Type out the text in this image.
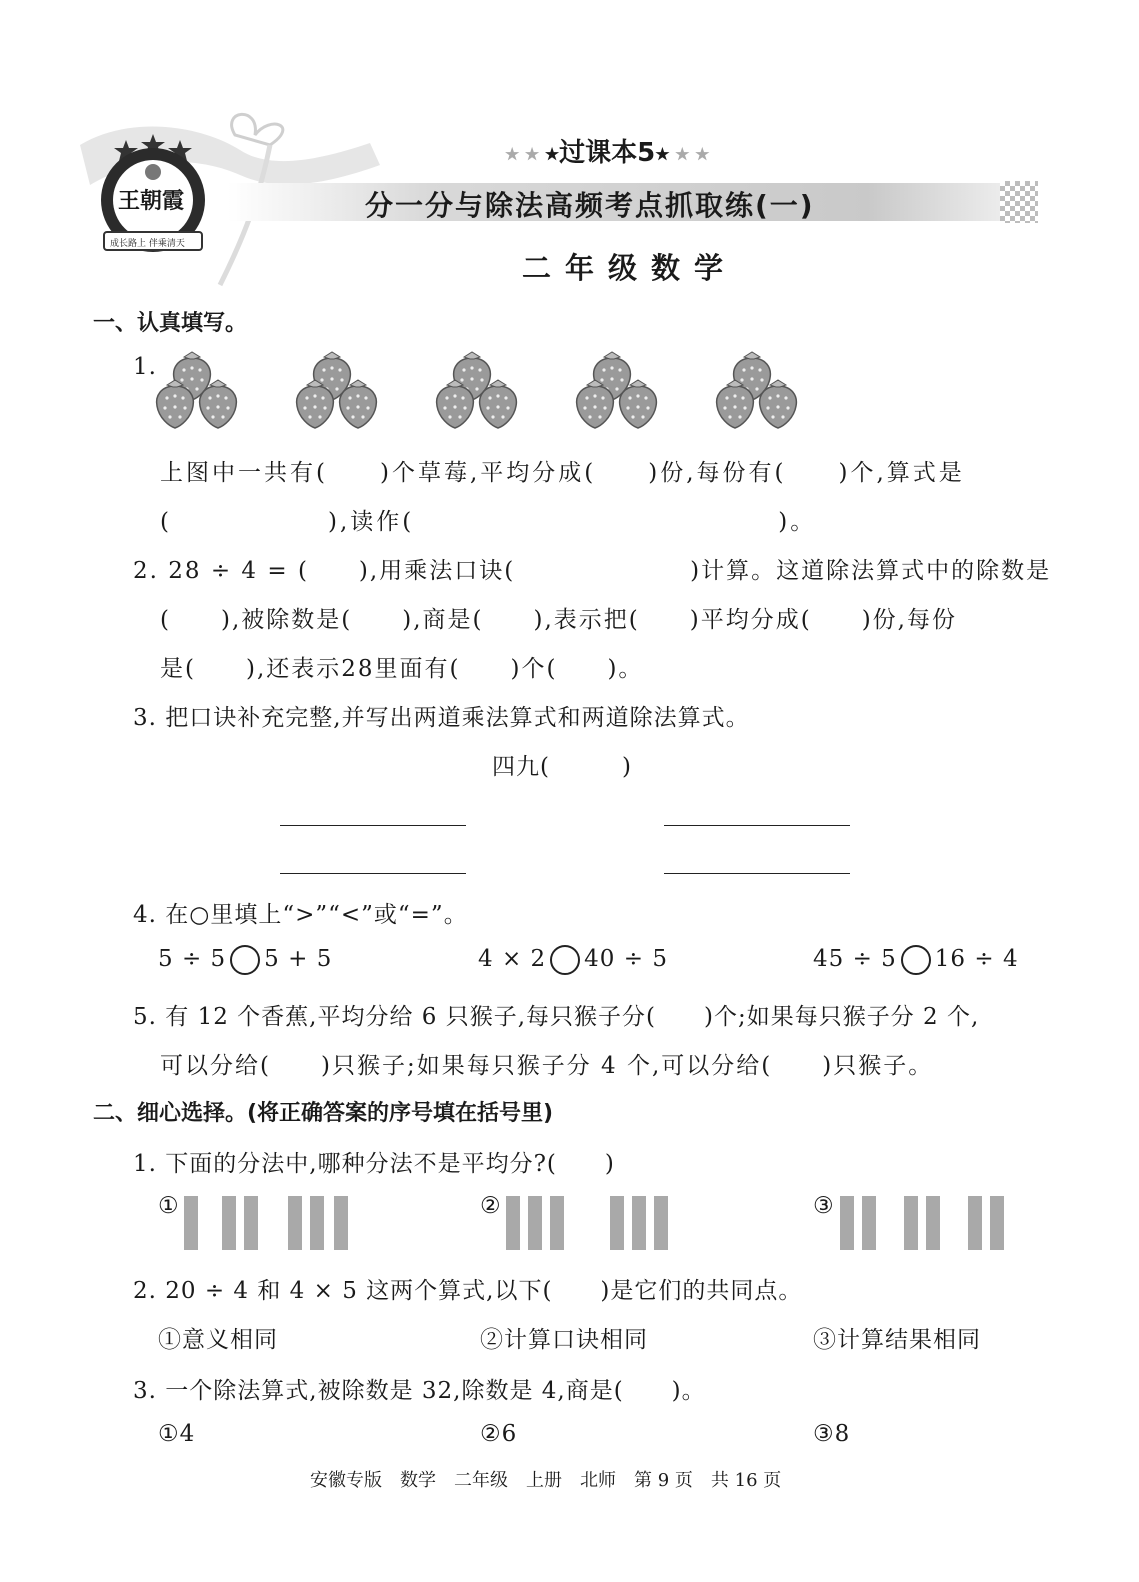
王朝霞
成长路上 伴乘清天
★ ★ ★过课本5★ ★ ★
分一分与除法高频考点抓取练(一)
二年级数学
一、认真填写。
1.
上图中一共有(　　)个草莓,平均分成(　　)份,每份有(　　)个,算式是
(　　　　　　),读作(　　　　　　　　　　　　　　)。
2. 28 ÷ 4 = (　　),用乘法口诀(　　　　　　　)计算。这道除法算式中的除数是
(　　),被除数是(　　),商是(　　),表示把(　　)平均分成(　　)份,每份
是(　　),还表示28里面有(　　)个(　　)。
3. 把口诀补充完整,并写出两道乘法算式和两道除法算式。
四九(　　　)
4. 在○里填上“>”“<”或“=”。
5 ÷ 5 5 + 5	4 × 2 40 ÷ 5	45 ÷ 5 16 ÷ 4
5. 有 12 个香蕉,平均分给 6 只猴子,每只猴子分(　　)个;如果每只猴子分 2 个,
可以分给(　　)只猴子;如果每只猴子分 4 个,可以分给(　　)只猴子。
二、细心选择。(将正确答案的序号填在括号里)
1. 下面的分法中,哪种分法不是平均分?(　　)
①	②	③
2. 20 ÷ 4 和 4 × 5 这两个算式,以下(　　)是它们的共同点。
①意义相同	②计算口诀相同	③计算结果相同
3. 一个除法算式,被除数是 32,除数是 4,商是(　　)。
①4	②6	③8
安徽专版　数学　二年级　上册　北师　第 9 页　共 16 页
